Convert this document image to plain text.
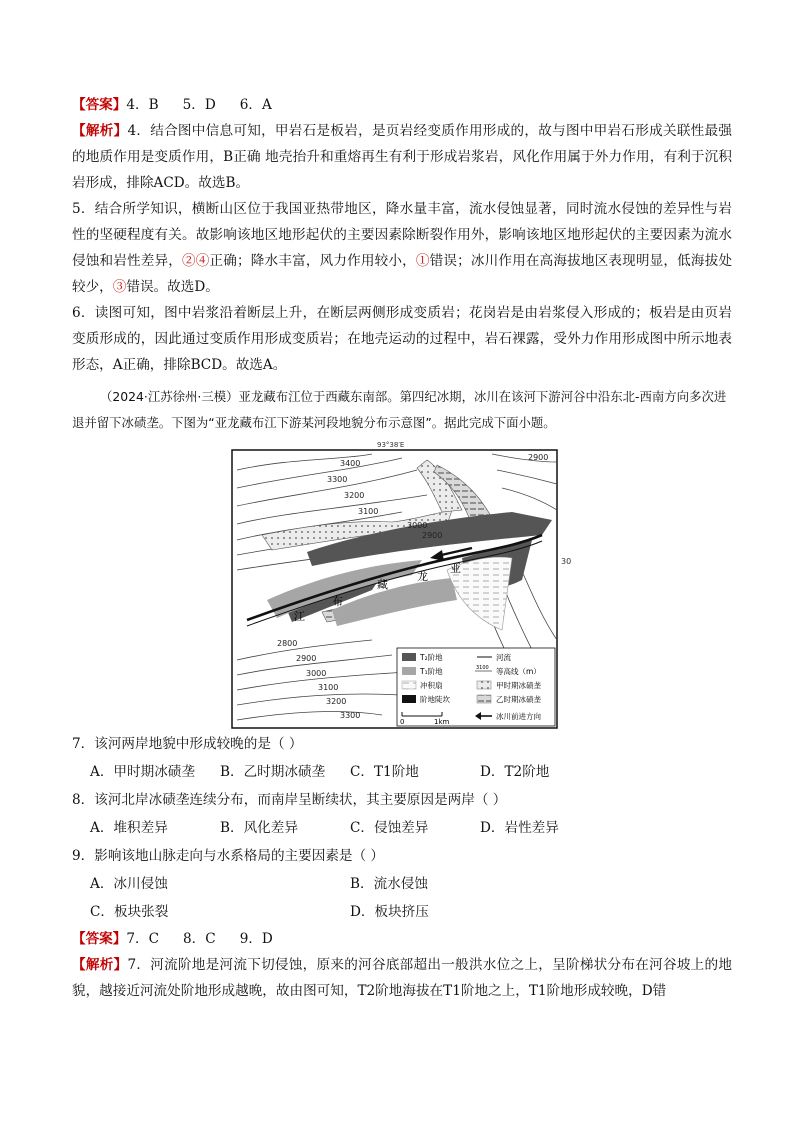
【答案】4．B 5．D 6．A

【解析】4．结合图中信息可知，甲岩石是板岩，是页岩经变质作用形成的，故与图中甲岩石形成关联性最强的地质作用是变质作用，B正确 地壳抬升和重熔再生有利于形成岩浆岩，风化作用属于外力作用，有利于沉积岩形成，排除ACD。故选B。

5．结合所学知识，横断山区位于我国亚热带地区，降水量丰富，流水侵蚀显著，同时流水侵蚀的差异性与岩性的坚硬程度有关。故影响该地区地形起伏的主要因素除断裂作用外，影响该地区地形起伏的主要因素为流水侵蚀和岩性差异，②④正确；降水丰富，风力作用较小，①错误；冰川作用在高海拔地区表现明显，低海拔处较少，③错误。故选D。

6．读图可知，图中岩浆沿着断层上升，在断层两侧形成变质岩；花岗岩是由岩浆侵入形成的；板岩是由页岩变质形成的，因此通过变质作用形成变质岩；在地壳运动的过程中，岩石裸露，受外力作用形成图中所示地表形态，A正确，排除BCD。故选A。

（2024·江苏徐州·三模）亚龙藏布江位于西藏东南部。第四纪冰期，冰川在该河下游河谷中沿东北-西南方向多次进退并留下冰碛垄。下图为“亚龙藏布江下游某河段地貌分布示意图”。据此完成下面小题。

江
布
藏
龙
亚
93°38′E
30
3400
3300
3200
3100
3000
2900
2900
2800
2900
3000
3100
3200
3300
T₂阶地	河流
T₁阶地	3100 等高线（m）
冲积扇	甲时期冰碛垄
阶地陡坎	乙时期冰碛垄
0	1km
冰川前进方向

7．该河两岸地貌中形成较晚的是（ ）

A．甲时期冰碛垄	B．乙时期冰碛垄	C．T1阶地	D．T2阶地

8．该河北岸冰碛垄连续分布，而南岸呈断续状，其主要原因是两岸（ ）

A．堆积差异	B．风化差异	C．侵蚀差异	D．岩性差异

9．影响该地山脉走向与水系格局的主要因素是（ ）

A．冰川侵蚀	B．流水侵蚀
C．板块张裂	D．板块挤压

【答案】7．C 8．C 9．D

【解析】7．河流阶地是河流下切侵蚀，原来的河谷底部超出一般洪水位之上，呈阶梯状分布在河谷坡上的地貌，越接近河流处阶地形成越晚，故由图可知，T2阶地海拔在T1阶地之上，T1阶地形成较晚，D错
